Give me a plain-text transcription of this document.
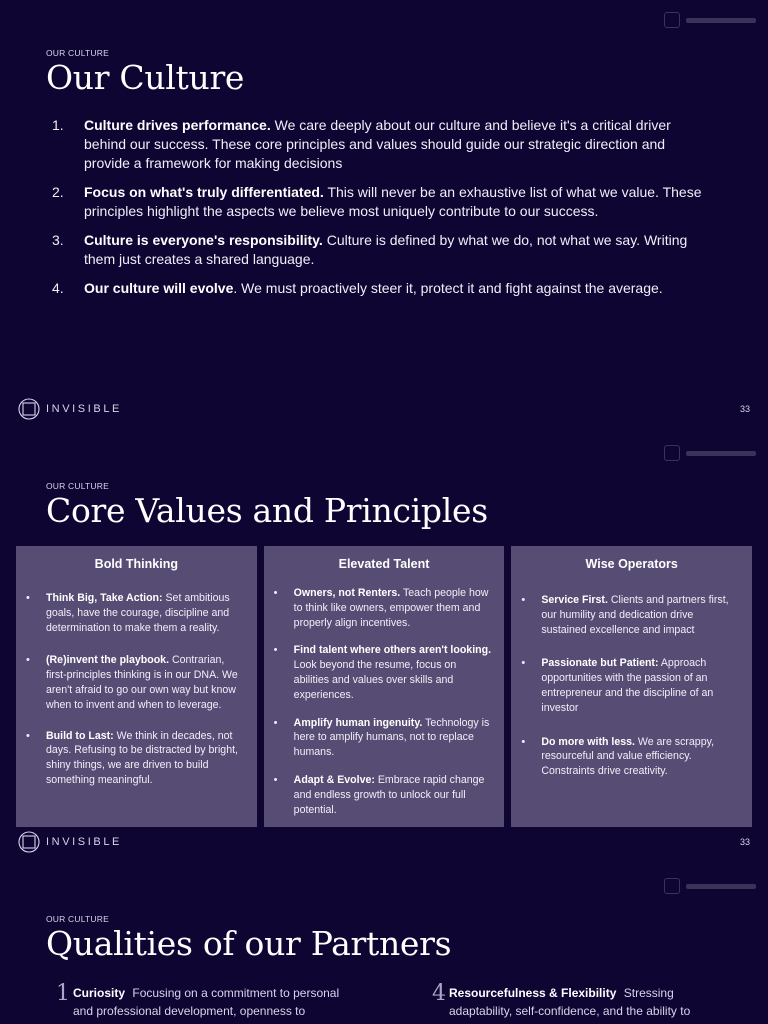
OUR CULTURE
Our Culture
1.	Culture drives performance. We care deeply about our culture and believe it's a critical driver behind our success. These core principles and values should guide our strategic direction and provide a framework for making decisions
2.	Focus on what's truly differentiated. This will never be an exhaustive list of what we value. These principles highlight the aspects we believe most uniquely contribute to our success.
3.	Culture is everyone's responsibility. Culture is defined by what we do, not what we say. Writing them just creates a shared language.
4.	Our culture will evolve. We must proactively steer it, protect it and fight against the average.
INVISIBLE	33
OUR CULTURE
Core Values and Principles
Bold Thinking
• Think Big, Take Action: Set ambitious goals, have the courage, discipline and determination to make them a reality.
• (Re)invent the playbook. Contrarian, first-principles thinking is in our DNA. We aren't afraid to go our own way but know when to invent and when to leverage.
• Build to Last: We think in decades, not days. Refusing to be distracted by bright, shiny things, we are driven to build something meaningful.
Elevated Talent
• Owners, not Renters. Teach people how to think like owners, empower them and properly align incentives.
• Find talent where others aren't looking. Look beyond the resume, focus on abilities and values over skills and experiences.
• Amplify human ingenuity. Technology is here to amplify humans, not to replace humans.
• Adapt & Evolve: Embrace rapid change and endless growth to unlock our full potential.
Wise Operators
• Service First. Clients and partners first, our humility and dedication drive sustained excellence and impact
• Passionate but Patient: Approach opportunities with the passion of an entrepreneur and the discipline of an investor
• Do more with less. We are scrappy, resourceful and value efficiency. Constraints drive creativity.
INVISIBLE	33
OUR CULTURE
Qualities of our Partners
1 Curiosity Focusing on a commitment to personal and professional development, openness to
4 Resourcefulness & Flexibility Stressing adaptability, self-confidence, and the ability to
